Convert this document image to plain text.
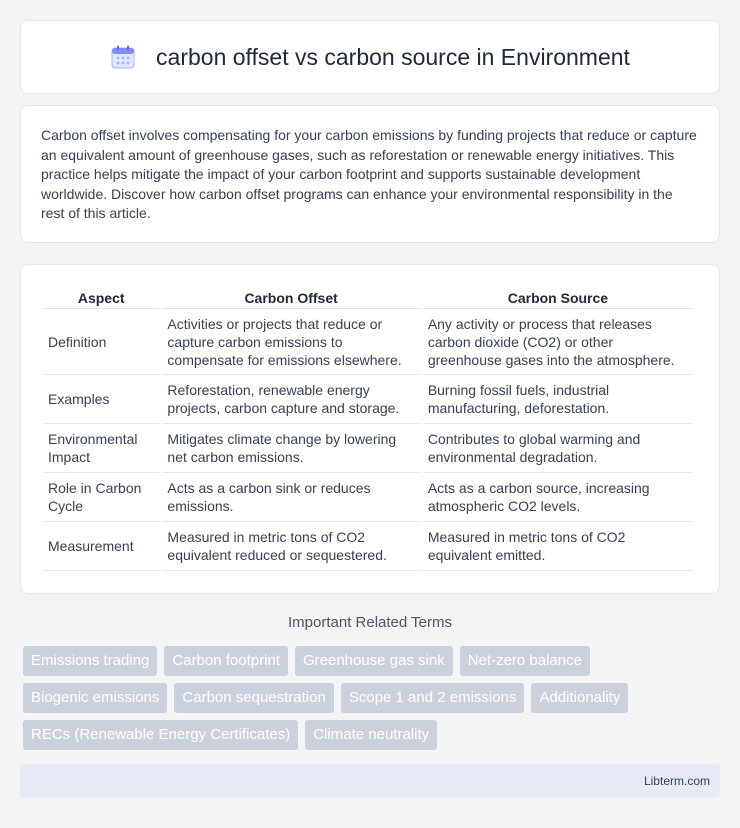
carbon offset vs carbon source in Environment

Carbon offset involves compensating for your carbon emissions by funding projects that reduce or capture an equivalent amount of greenhouse gases, such as reforestation or renewable energy initiatives. This practice helps mitigate the impact of your carbon footprint and supports sustainable development worldwide. Discover how carbon offset programs can enhance your environmental responsibility in the rest of this article.

Aspect	Carbon Offset	Carbon Source
Definition	Activities or projects that reduce or capture carbon emissions to compensate for emissions elsewhere.	Any activity or process that releases carbon dioxide (CO2) or other greenhouse gases into the atmosphere.
Examples	Reforestation, renewable energy projects, carbon capture and storage.	Burning fossil fuels, industrial manufacturing, deforestation.
Environmental Impact	Mitigates climate change by lowering net carbon emissions.	Contributes to global warming and environmental degradation.
Role in Carbon Cycle	Acts as a carbon sink or reduces emissions.	Acts as a carbon source, increasing atmospheric CO2 levels.
Measurement	Measured in metric tons of CO2 equivalent reduced or sequestered.	Measured in metric tons of CO2 equivalent emitted.
Important Related Terms
Emissions trading	Carbon footprint	Greenhouse gas sink	Net-zero balance
Biogenic emissions	Carbon sequestration	Scope 1 and 2 emissions	Additionality
RECs (Renewable Energy Certificates)	Climate neutrality
Libterm.com
